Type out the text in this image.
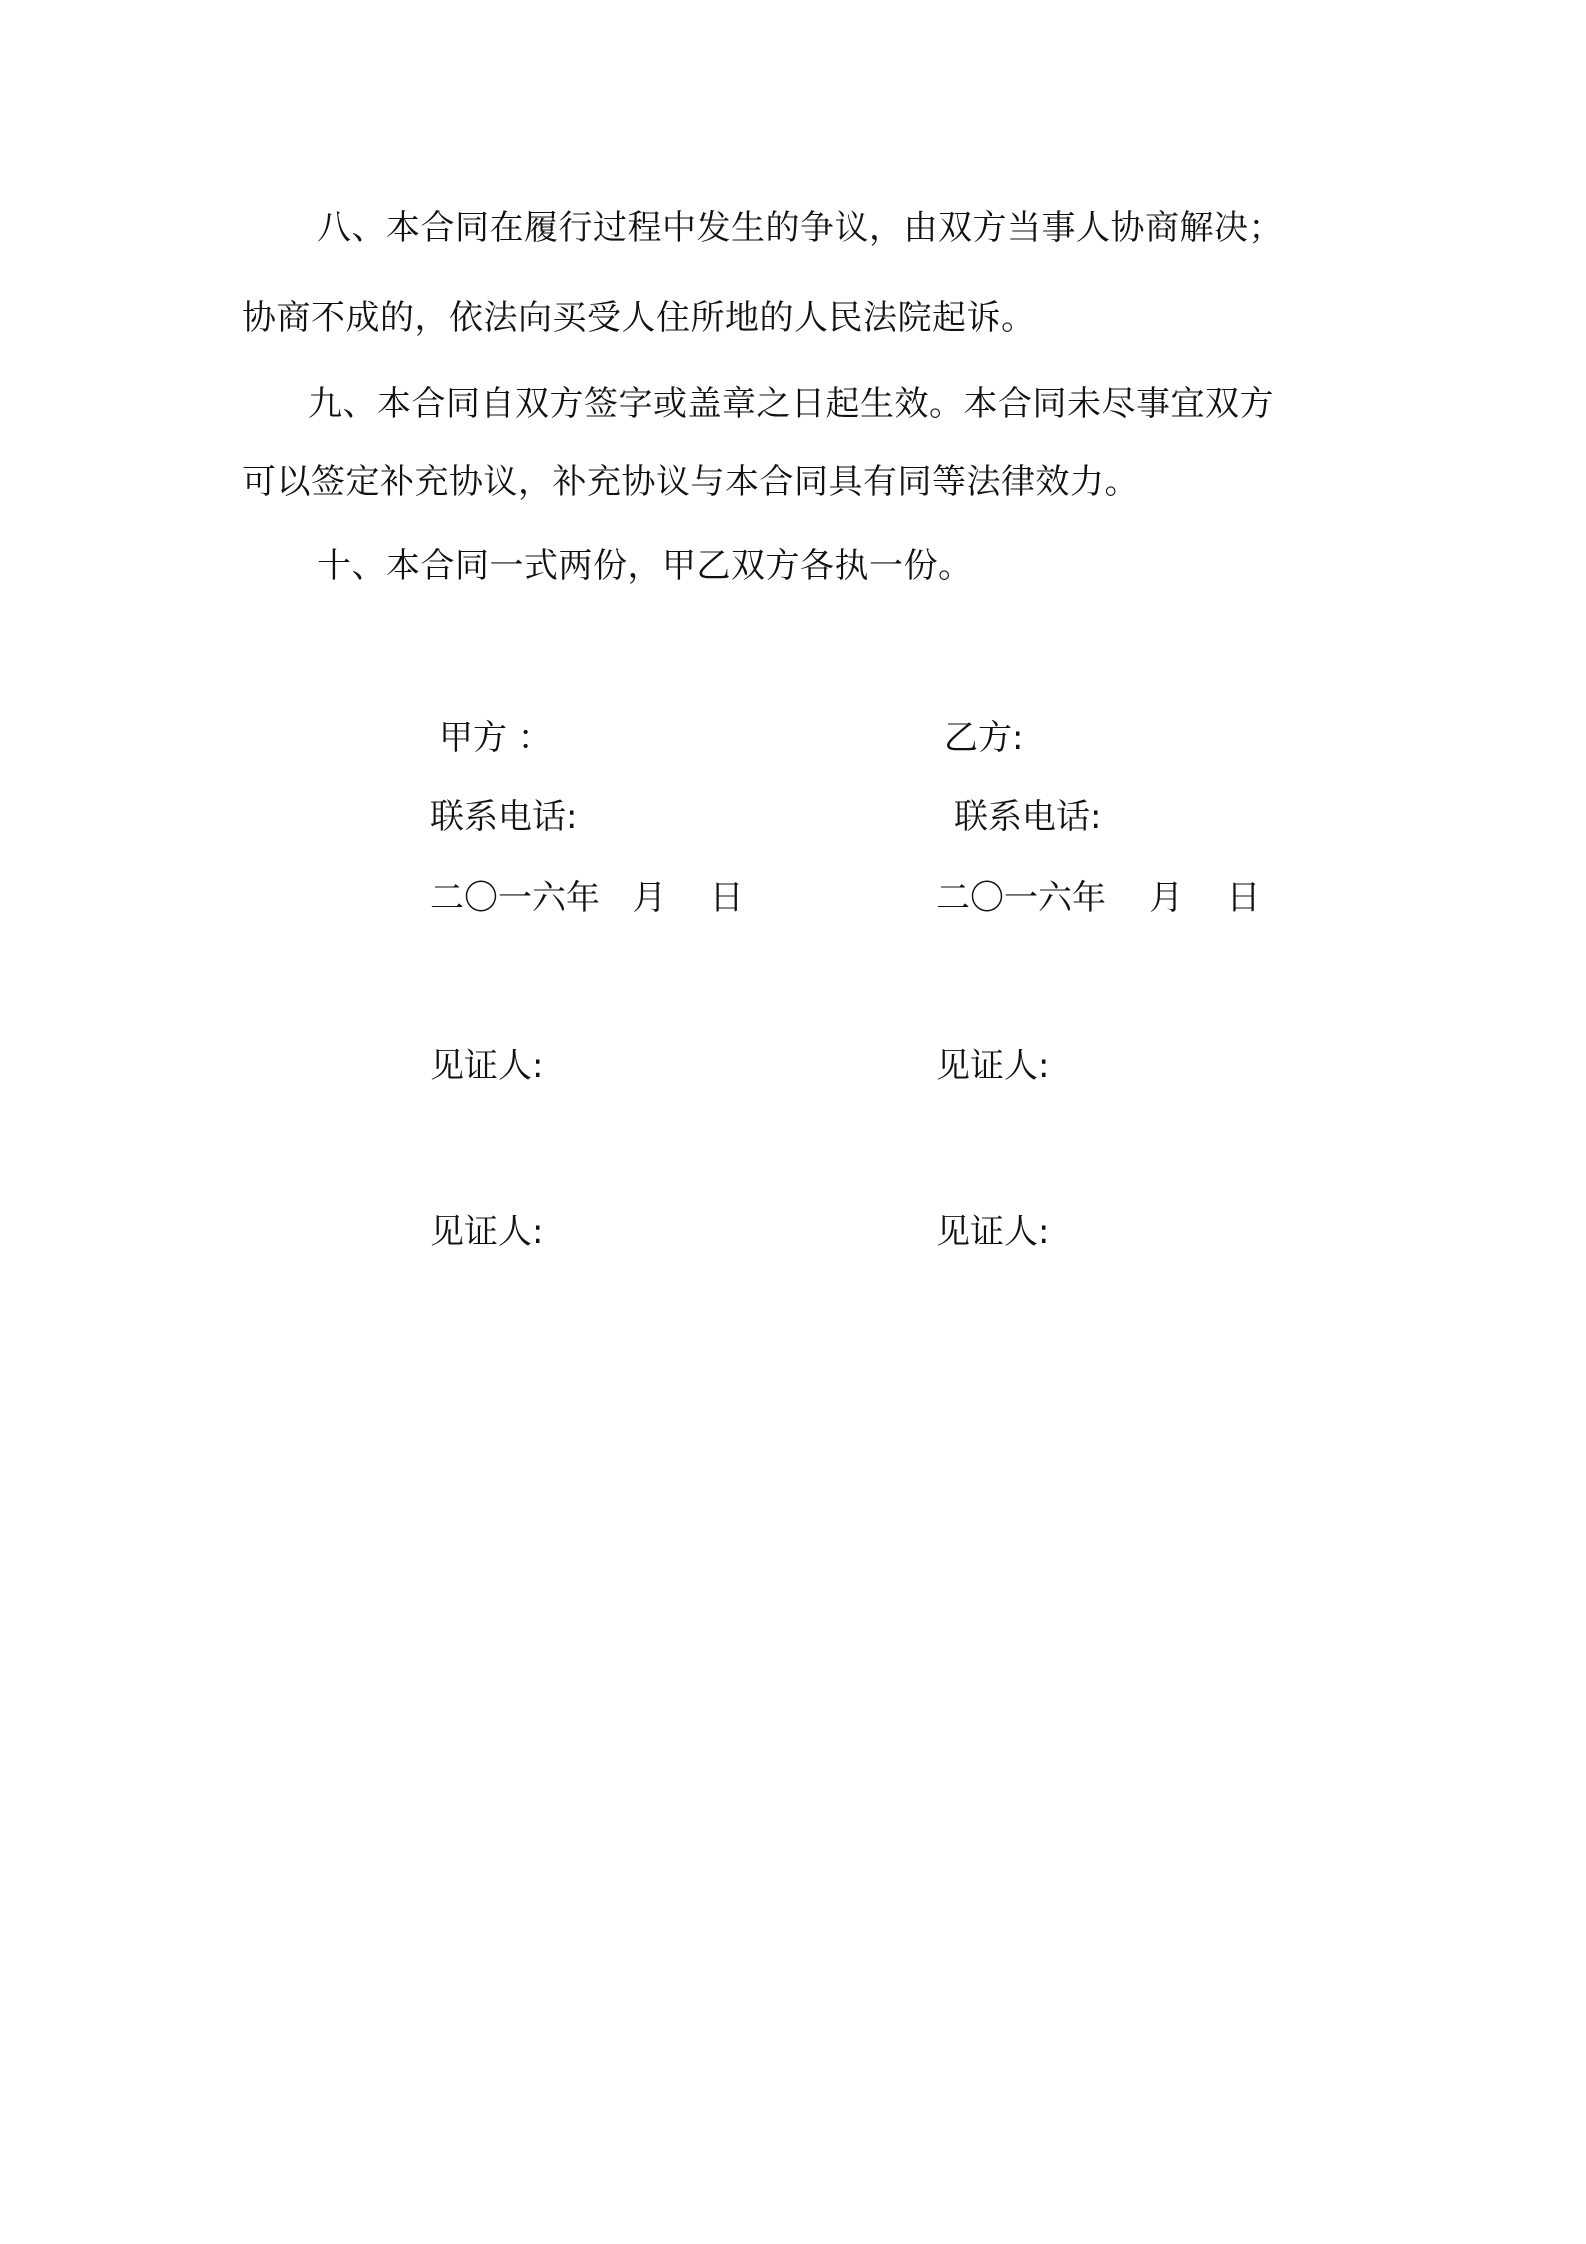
八、本合同在履行过程中发生的争议，由双方当事人协商解决；
协商不成的，依法向买受人住所地的人民法院起诉。
九、本合同自双方签字或盖章之日起生效。本合同未尽事宜双方
可以签定补充协议，补充协议与本合同具有同等法律效力。
十、本合同一式两份，甲乙双方各执一份。
甲方 ：
联系电话:
二〇一六年   月    日
见证人:
见证人:
乙方:
联系电话:
二〇一六年    月    日
见证人:
见证人:
